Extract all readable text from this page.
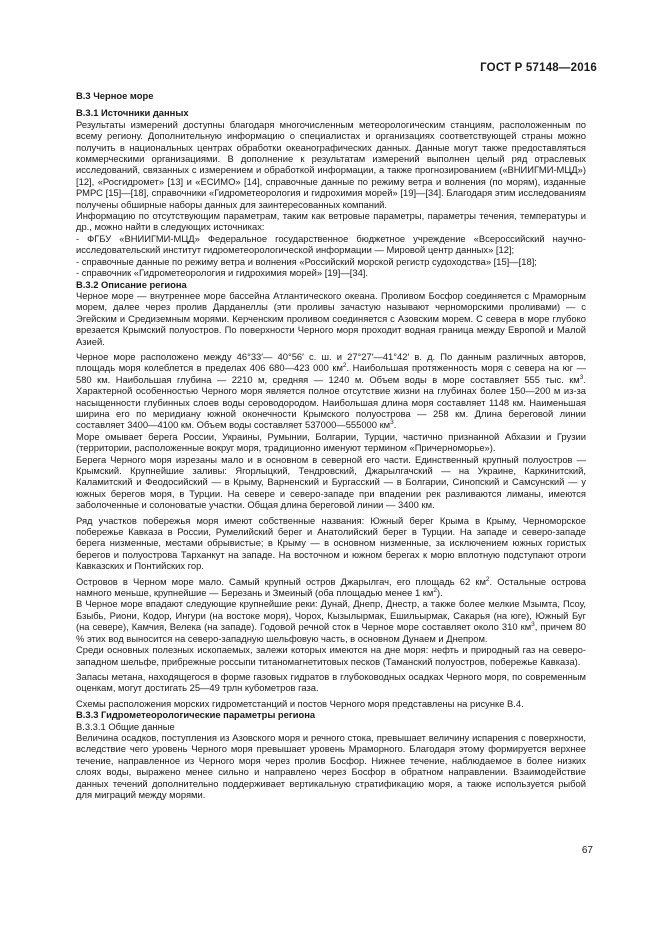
ГОСТ Р 57148—2016
В.3 Черное море
В.3.1 Источники данных

Результаты измерений доступны благодаря многочисленным метеорологическим станциям, расположенным по всему региону. Дополнительную информацию о специалистах и организациях соответствующей страны можно получить в национальных центрах обработки океанографических данных. Данные могут также предоставляться коммерческими организациями. В дополнение к результатам измерений выполнен целый ряд отраслевых исследований, связанных с измерением и обработкой информации, а также прогнозированием («ВНИИГМИ-МЦД») [12], «Росгидромет» [13] и «ЕСИМО» [14], справочные данные по режиму ветра и волнения (по морям), изданные РМРС [15]—[18], справочники «Гидрометеорология и гидрохимия морей» [19]—[34]. Благодаря этим исследованиям получены обширные наборы данных для заинтересованных компаний.

Информацию по отсутствующим параметрам, таким как ветровые параметры, параметры течения, температуры и др., можно найти в следующих источниках:

- ФГБУ «ВНИИГМИ-МЦД» Федеральное государственное бюджетное учреждение «Всероссийский научно-исследовательский институт гидрометеорологической информации — Мировой центр данных» [12];

- справочные данные по режиму ветра и волнения «Российский морской регистр судоходства» [15]—[18];

- справочник «Гидрометеорология и гидрохимия морей» [19]—[34].

В.3.2 Описание региона

Черное море — внутреннее море бассейна Атлантического океана. Проливом Босфор соединяется с Мраморным морем, далее через пролив Дарданеллы (эти проливы зачастую называют черноморскими проливами) — с Эгейским и Средиземным морями. Керченским проливом соединяется с Азовским морем. С севера в море глубоко врезается Крымский полуостров. По поверхности Черного моря проходит водная граница между Европой и Малой Азией.

Черное море расположено между 46°33′— 40°56′ с. ш. и 27°27′—41°42′ в. д. По данным различных авторов, площадь моря колеблется в пределах 406 680—423 000 $км^2$. Наибольшая протяженность моря с севера на юг — 580 км. Наибольшая глубина — 2210 м, средняя — 1240 м. Объем воды в море составляет 555 тыс. $км^3$. Характерной особенностью Черного моря является полное отсутствие жизни на глубинах более 150—200 м из-за насыщенности глубинных слоев воды сероводородом. Наибольшая длина моря составляет 1148 км. Наименьшая ширина его по меридиану южной оконечности Крымского полуострова — 258 км. Длина береговой линии составляет 3400—4100 км. Объем воды составляет 537000—555000 $км^3$.

Море омывает берега России, Украины, Румынии, Болгарии, Турции, частично признанной Абхазии и Грузии (территории, расположенные вокруг моря, традиционно именуют термином «Причерноморье»).

Берега Черного моря изрезаны мало и в основном в северной его части. Единственный крупный полуостров — Крымский. Крупнейшие заливы: Ягорлыцкий, Тендровский, Джарылгачский — на Украине, Каркинитский, Каламитский и Феодосийский — в Крыму, Варненский и Бургасский — в Болгарии, Синопский и Самсунский — у южных берегов моря, в Турции. На севере и северо-западе при впадении рек разливаются лиманы, имеются заболоченные и солоноватые участки. Общая длина береговой линии — 3400 км.

Ряд участков побережья моря имеют собственные названия: Южный берег Крыма в Крыму, Черноморское побережье Кавказа в России, Румелийский берег и Анатолийский берег в Турции. На западе и северо-западе берега низменные, местами обрывистые; в Крыму — в основном низменные, за исключением южных гористых берегов и полуострова Тарханкут на западе. На восточном и южном берегах к морю вплотную подступают отроги Кавказских и Понтийских гор.

Островов в Черном море мало. Самый крупный остров Джарылгач, его площадь 62 $км^2$. Остальные острова намного меньше, крупнейшие — Березань и Змеиный (оба площадью менее 1 $км^2$).

В Черное море впадают следующие крупнейшие реки: Дунай, Днепр, Днестр, а также более мелкие Мзымта, Псоу, Бзыбь, Риони, Кодор, Ингури (на востоке моря), Чорох, Кызылырмак, Ешильырмак, Сакарья (на юге), Южный Буг (на севере), Камчия, Велека (на западе). Годовой речной сток в Черное море составляет около 310 $км^3$, причем 80 % этих вод выносится на северо-западную шельфовую часть, в основном Дунаем и Днепром.

Среди основных полезных ископаемых, залежи которых имеются на дне моря: нефть и природный газ на северо-западном шельфе, прибрежные россыпи титаномагнетитовых песков (Таманский полуостров, побережье Кавказа).

Запасы метана, находящегося в форме газовых гидратов в глубоководных осадках Черного моря, по современным оценкам, могут достигать 25—49 трлн кубометров газа.

Схемы расположения морских гидрометстанций и постов Черного моря представлены на рисунке В.4.

В.3.3 Гидрометеорологические параметры региона
В.3.3.1 Общие данные

Величина осадков, поступления из Азовского моря и речного стока, превышает величину испарения с поверхности, вследствие чего уровень Черного моря превышает уровень Мраморного. Благодаря этому формируется верхнее течение, направленное из Черного моря через пролив Босфор. Нижнее течение, наблюдаемое в более низких слоях воды, выражено менее сильно и направлено через Босфор в обратном направлении. Взаимодействие данных течений дополнительно поддерживает вертикальную стратификацию моря, а также используется рыбой для миграций между морями.

67
